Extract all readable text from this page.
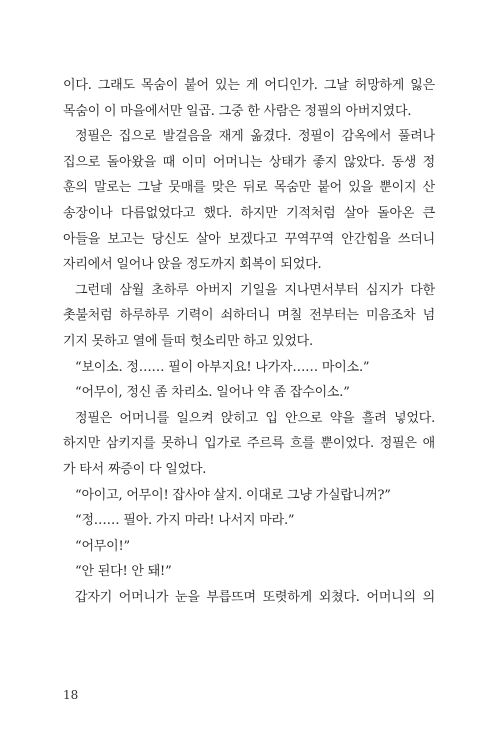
이다. 그래도 목숨이 붙어 있는 게 어디인가. 그날 허망하게 잃은
목숨이 이 마을에서만 일곱. 그중 한 사람은 정필의 아버지였다.
정필은 집으로 발걸음을 재게 옮겼다. 정필이 감옥에서 풀려나
집으로 돌아왔을 때 이미 어머니는 상태가 좋지 않았다. 동생 정
훈의 말로는 그날 뭇매를 맞은 뒤로 목숨만 붙어 있을 뿐이지 산
송장이나 다름없었다고 했다. 하지만 기적처럼 살아 돌아온 큰
아들을 보고는 당신도 살아 보겠다고 꾸역꾸역 안간힘을 쓰더니
자리에서 일어나 앉을 정도까지 회복이 되었다.
그런데 삼월 초하루 아버지 기일을 지나면서부터 심지가 다한
촛불처럼 하루하루 기력이 쇠하더니 며칠 전부터는 미음조차 넘
기지 못하고 열에 들떠 헛소리만 하고 있었다.
“보이소. 정…… 필이 아부지요! 나가자…… 마이소.”
“어무이, 정신 좀 차리소. 일어나 약 좀 잡수이소.”
정필은 어머니를 일으켜 앉히고 입 안으로 약을 흘려 넣었다.
하지만 삼키지를 못하니 입가로 주르륵 흐를 뿐이었다. 정필은 애
가 타서 짜증이 다 일었다.
“아이고, 어무이! 잡사야 살지. 이대로 그냥 가실랍니꺼?”
“정…… 필아. 가지 마라! 나서지 마라.”
“어무이!”
“안 된다! 안 돼!”
갑자기 어머니가 눈을 부릅뜨며 또렷하게 외쳤다. 어머니의 의
18
